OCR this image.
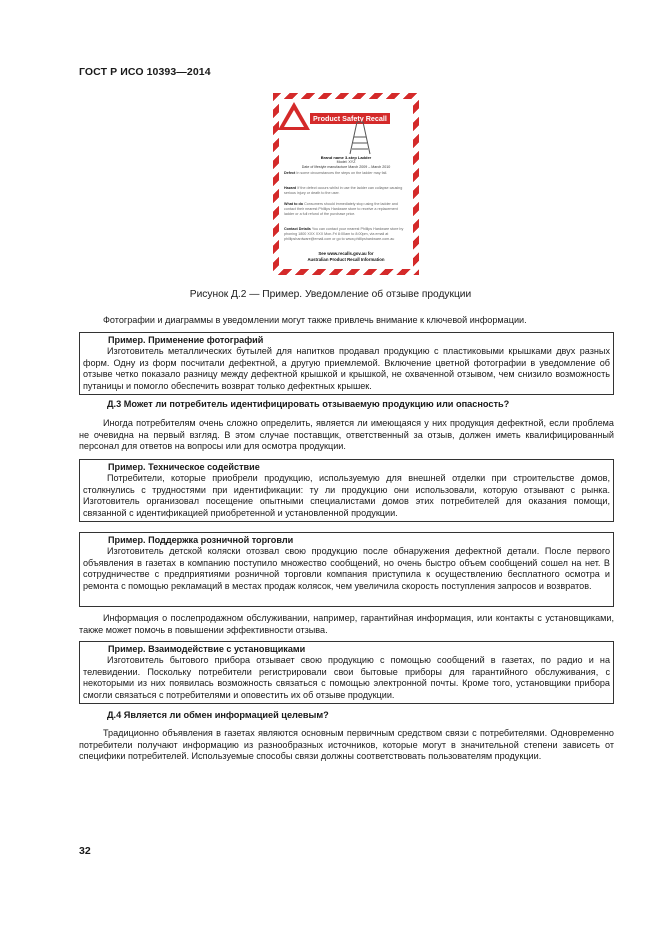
ГОСТ Р ИСО 10393—2014
Product Safety Recall
Brand name 3-step Ladder
Model: XYZ
Date of lifestyle manufacture March 2009 – March 2010
Defect In some circumstances the steps on the ladder may fail.
Hazard If the defect occurs whilst in use the ladder can collapse causing serious injury or death to the user.
What to do Consumers should immediately stop using the ladder and contact their nearest Phillips Hardware store to receive a replacement ladder or a full refund of the purchase price.
Contact Details You can contact your nearest Phillips Hardware store by phoning 1800 XXX XXX Mon-Fri 8:00am to 8:00pm, via email at phillipshardware@email.com or go to www.phillipshardware.com.au
See www.recalls.gov.au for
Australian Product Recall Information
Рисунок Д.2 — Пример. Уведомление об отзыве продукции

Фотографии и диаграммы в уведомлении могут также привлечь внимание к ключевой информации.

Пример. Применение фотографий
Изготовитель металлических бутылей для напитков продавал продукцию с пластиковыми крышками двух разных форм. Одну из форм посчитали дефектной, а другую приемлемой. Включение цветной фотографии в уведомление об отзыве четко показало разницу между дефектной крышкой и крышкой, не охваченной отзывом, чем снизило возможность путаницы и помогло обеспечить возврат только дефектных крышек.
Д.3 Может ли потребитель идентифицировать отзываемую продукцию или опасность?

Иногда потребителям очень сложно определить, является ли имеющаяся у них продукция дефектной, если проблема не очевидна на первый взгляд. В этом случае поставщик, ответственный за отзыв, должен иметь квалифицированный персонал для ответов на вопросы или для осмотра продукции.

Пример. Техническое содействие
Потребители, которые приобрели продукцию, используемую для внешней отделки при строительстве домов, столкнулись с трудностями при идентификации: ту ли продукцию они использовали, которую отзывают с рынка. Изготовитель организовал посещение опытными специалистами домов этих потребителей для оказания помощи, связанной с идентификацией приобретенной и установленной продукции.
Пример. Поддержка розничной торговли
Изготовитель детской коляски отозвал свою продукцию после обнаружения дефектной детали. После первого объявления в газетах в компанию поступило множество сообщений, но очень быстро объем сообщений сошел на нет. В сотрудничестве с предприятиями розничной торговли компания приступила к осуществлению бесплатного осмотра и ремонта с помощью рекламаций в местах продаж колясок, чем увеличила скорость поступления запросов и возвратов.

Информация о послепродажном обслуживании, например, гарантийная информация, или контакты с установщиками, также может помочь в повышении эффективности отзыва.

Пример. Взаимодействие с установщиками
Изготовитель бытового прибора отзывает свою продукцию с помощью сообщений в газетах, по радио и на телевидении. Поскольку потребители регистрировали свои бытовые приборы для гарантийного обслуживания, с некоторыми из них появилась возможность связаться с помощью электронной почты. Кроме того, установщики прибора смогли связаться с потребителями и оповестить их об отзыве продукции.
Д.4 Является ли обмен информацией целевым?

Традиционно объявления в газетах являются основным первичным средством связи с потребителями. Одновременно потребители получают информацию из разнообразных источников, которые могут в значительной степени зависеть от специфики потребителей. Используемые способы связи должны соответствовать пользователям продукции.

32
